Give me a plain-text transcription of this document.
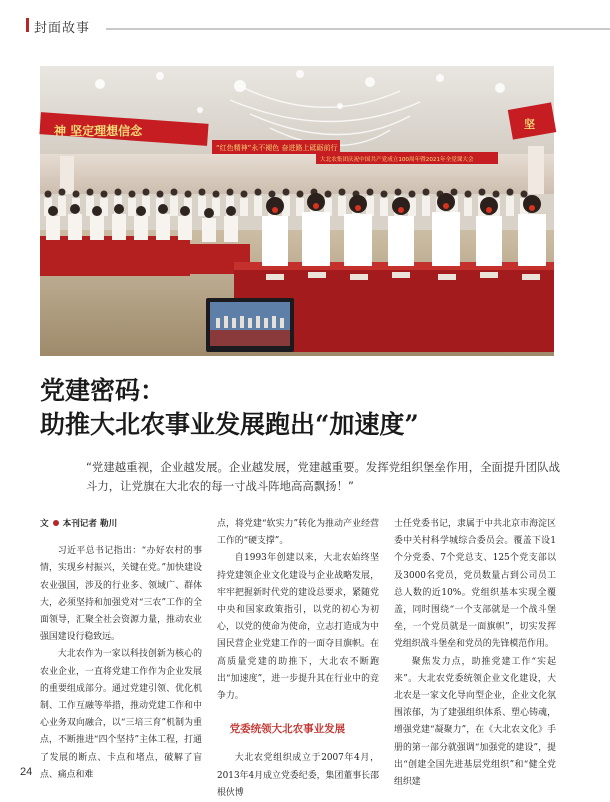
封面故事
神 坚定理想信念
“红色精神”永不褪色 奋进路上砥砺前行
大北农集团庆祝中国共产党成立100周年暨2021年全党课大会
坚
党建密码：
助推大北农事业发展跑出“加速度”
“党建越重视，企业越发展。企业越发展，党建越重要。发挥党组织堡垒作用，全面提升团队战斗力，让党旗在大北农的每一寸战斗阵地高高飘扬！”
文 本刊记者 勒川

习近平总书记指出：“办好农村的事情，实现乡村振兴，关键在党。”加快建设农业强国，涉及的行业多、领域广、群体大，必须坚持和加强党对“三农”工作的全面领导，汇聚全社会资源力量，推动农业强国建设行稳致远。

大北农作为一家以科技创新为核心的农业企业，一直将党建工作作为企业发展的重要组成部分。通过党建引领、优化机制、工作互融等举措，推动党建工作和中心业务双向融合，以“三培三育”机制为重点，不断推进“四个坚持”主体工程，打通了发展的断点、卡点和堵点，破解了盲点、痛点和难

点，将党建“软实力”转化为推动产业经营工作的“硬支撑”。

自1993年创建以来，大北农始终坚持党建领企业文化建设与企业战略发展，牢牢把握新时代党的建设总要求，紧随党中央和国家政策指引，以党的初心为初心，以党的使命为使命，立志打造成为中国民营企业党建工作的一面夺目旗帜。在高质量党建的助推下，大北农不断跑出“加速度”，进一步提升其在行业中的竞争力。

党委统领大北农事业发展

大北农党组织成立于2007年4月，2013年4月成立党委纪委，集团董事长邵根伙博

士任党委书记，隶属于中共北京市海淀区委中关村科学城综合委员会。覆盖下设1个分党委、7个党总支、125个党支部以及3000名党员，党员数量占到公司员工总人数的近10%。党组织基本实现全覆盖，同时围绕“一个支部就是一个战斗堡垒，一个党员就是一面旗帜”，切实发挥党组织战斗堡垒和党员的先锋模范作用。

聚焦发力点，助推党建工作“实起来”。大北农党委统领企业文化建设，大北农是一家文化导向型企业，企业文化氛围浓郁，为了建强组织体系、塑心铸魂，增强党建“凝聚力”，在《大北农文化》手册的第一部分就强调“加强党的建设”，提出“创建全国先进基层党组织”和“健全党组织建

24
